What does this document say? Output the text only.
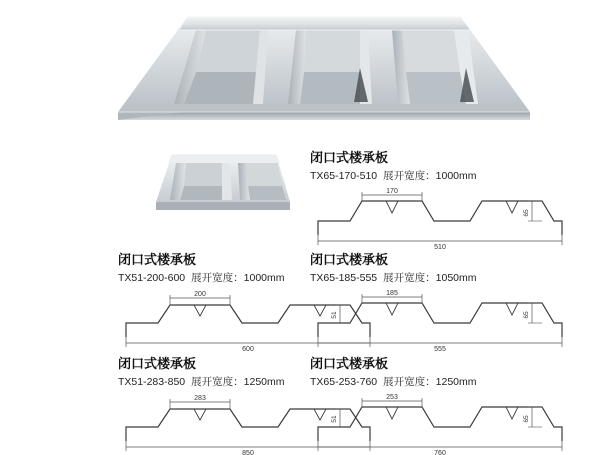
闭口式楼承板
TX65-170-510 展开宽度：1000mm
170
65
510
闭口式楼承板
TX51-200-600 展开宽度：1000mm
200
51
600
闭口式楼承板
TX65-185-555 展开宽度：1050mm
185
65
555
闭口式楼承板
TX51-283-850 展开宽度：1250mm
283
51
850
闭口式楼承板
TX65-253-760 展开宽度：1250mm
253
65
760
